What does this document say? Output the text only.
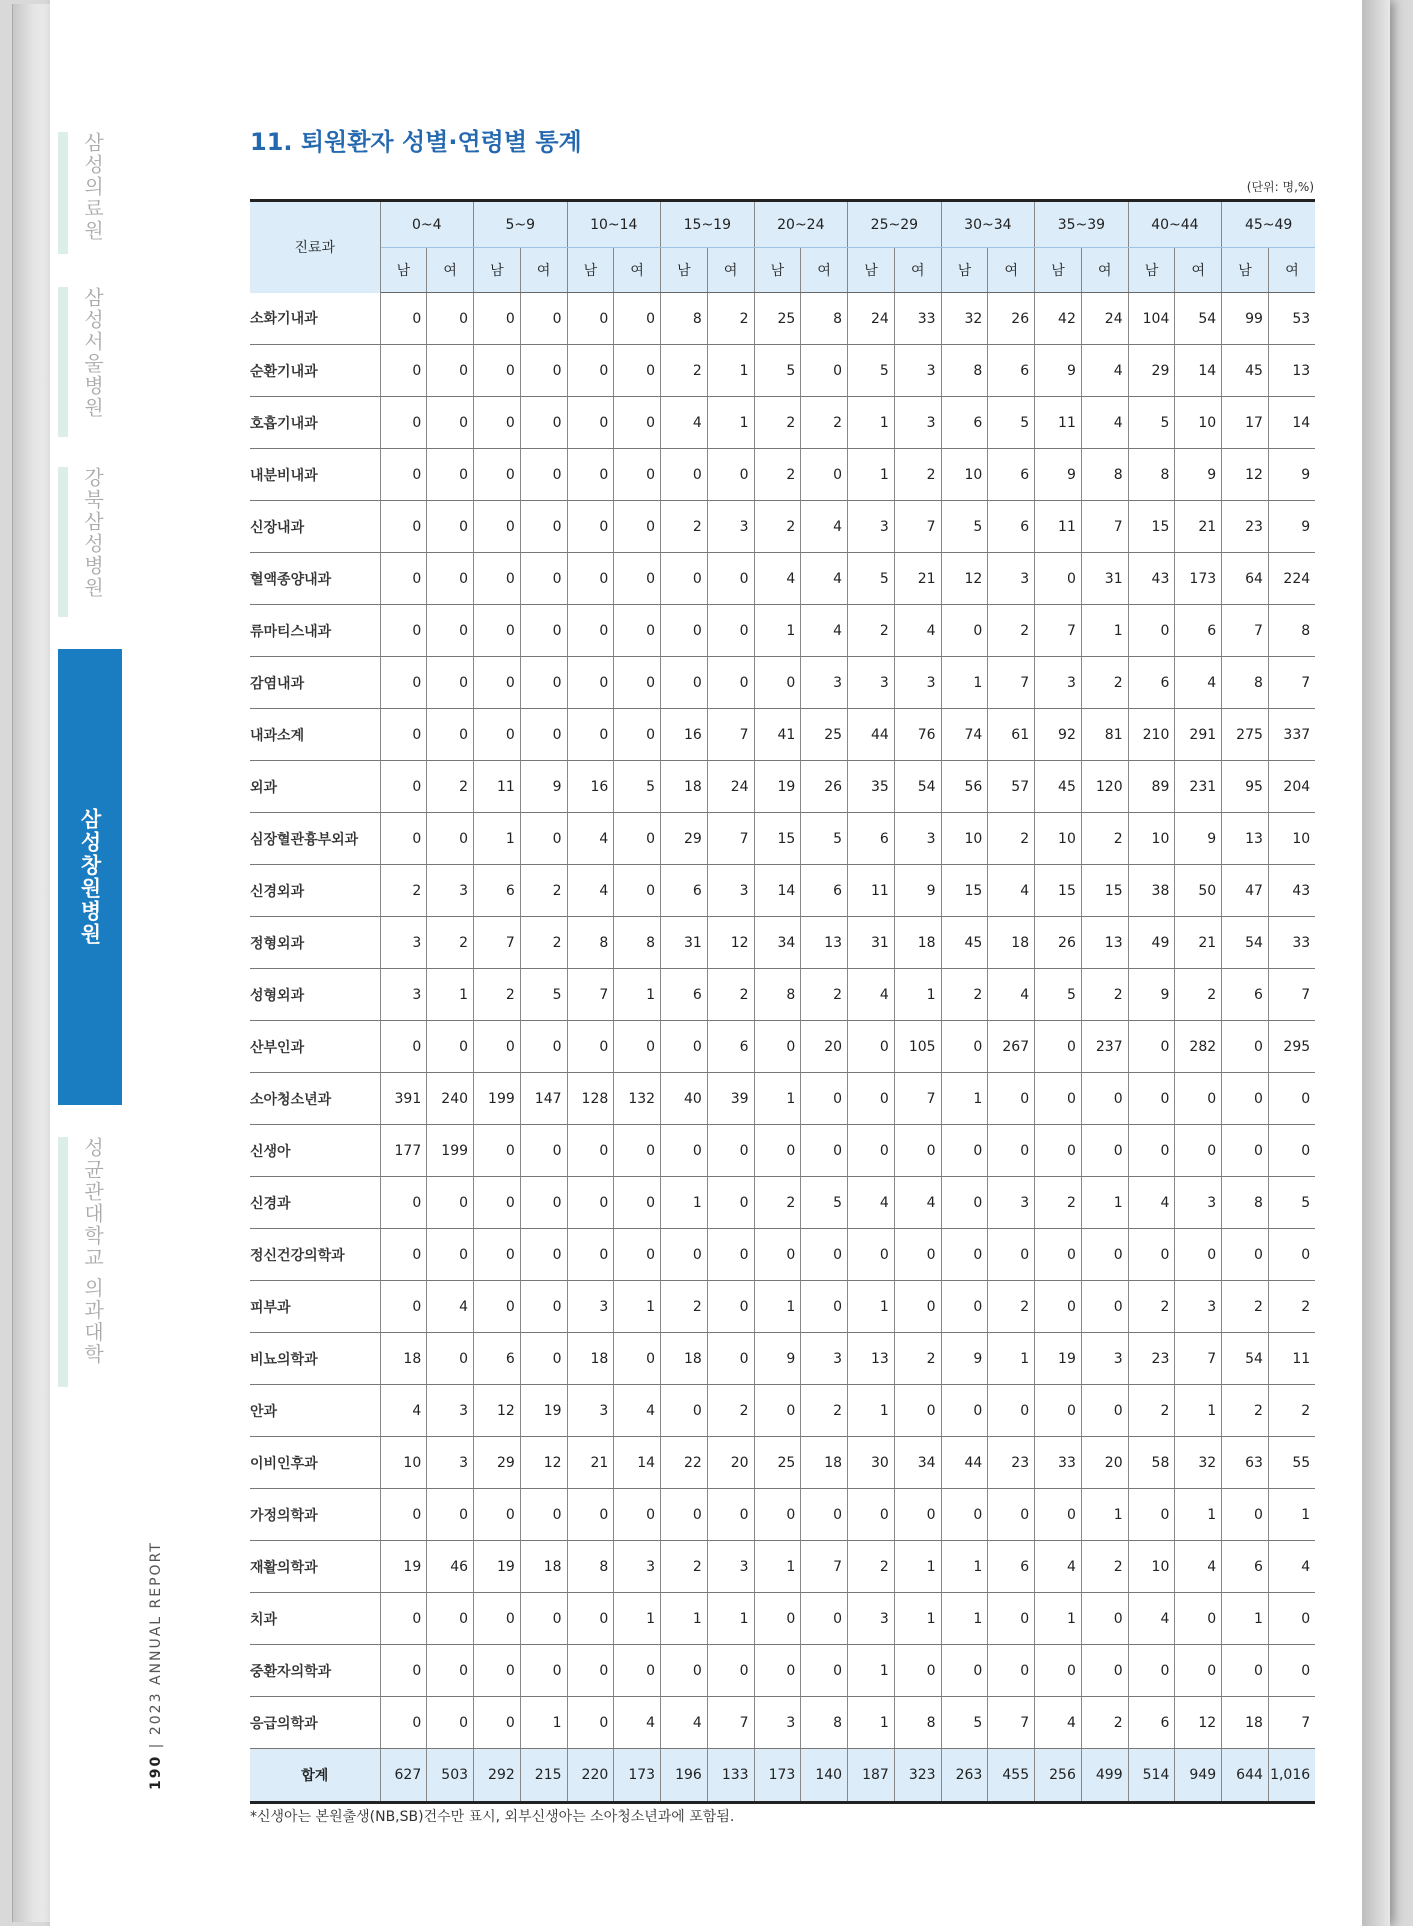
삼성의료원
삼성서울병원
강북삼성병원
삼성창원병원
성균관대학교 의과대학
190 | 2023 ANNUAL REPORT
11. 퇴원환자 성별·연령별 통계
(단위: 명,%)
진료과	0~4		5~9		10~14		15~19		20~24		25~29		30~34		35~39		40~44		45~49	
	남	여	남	여	남	여	남	여	남	여	남	여	남	여	남	여	남	여	남	여
소화기내과	0	0	0	0	0	0	8	2	25	8	24	33	32	26	42	24	104	54	99	53
순환기내과	0	0	0	0	0	0	2	1	5	0	5	3	8	6	9	4	29	14	45	13
호흡기내과	0	0	0	0	0	0	4	1	2	2	1	3	6	5	11	4	5	10	17	14
내분비내과	0	0	0	0	0	0	0	0	2	0	1	2	10	6	9	8	8	9	12	9
신장내과	0	0	0	0	0	0	2	3	2	4	3	7	5	6	11	7	15	21	23	9
혈액종양내과	0	0	0	0	0	0	0	0	4	4	5	21	12	3	0	31	43	173	64	224
류마티스내과	0	0	0	0	0	0	0	0	1	4	2	4	0	2	7	1	0	6	7	8
감염내과	0	0	0	0	0	0	0	0	0	3	3	3	1	7	3	2	6	4	8	7
내과소계	0	0	0	0	0	0	16	7	41	25	44	76	74	61	92	81	210	291	275	337
외과	0	2	11	9	16	5	18	24	19	26	35	54	56	57	45	120	89	231	95	204
심장혈관흉부외과	0	0	1	0	4	0	29	7	15	5	6	3	10	2	10	2	10	9	13	10
신경외과	2	3	6	2	4	0	6	3	14	6	11	9	15	4	15	15	38	50	47	43
정형외과	3	2	7	2	8	8	31	12	34	13	31	18	45	18	26	13	49	21	54	33
성형외과	3	1	2	5	7	1	6	2	8	2	4	1	2	4	5	2	9	2	6	7
산부인과	0	0	0	0	0	0	0	6	0	20	0	105	0	267	0	237	0	282	0	295
소아청소년과	391	240	199	147	128	132	40	39	1	0	0	7	1	0	0	0	0	0	0	0
신생아	177	199	0	0	0	0	0	0	0	0	0	0	0	0	0	0	0	0	0	0
신경과	0	0	0	0	0	0	1	0	2	5	4	4	0	3	2	1	4	3	8	5
정신건강의학과	0	0	0	0	0	0	0	0	0	0	0	0	0	0	0	0	0	0	0	0
피부과	0	4	0	0	3	1	2	0	1	0	1	0	0	2	0	0	2	3	2	2
비뇨의학과	18	0	6	0	18	0	18	0	9	3	13	2	9	1	19	3	23	7	54	11
안과	4	3	12	19	3	4	0	2	0	2	1	0	0	0	0	0	2	1	2	2
이비인후과	10	3	29	12	21	14	22	20	25	18	30	34	44	23	33	20	58	32	63	55
가정의학과	0	0	0	0	0	0	0	0	0	0	0	0	0	0	0	1	0	1	0	1
재활의학과	19	46	19	18	8	3	2	3	1	7	2	1	1	6	4	2	10	4	6	4
치과	0	0	0	0	0	1	1	1	0	0	3	1	1	0	1	0	4	0	1	0
중환자의학과	0	0	0	0	0	0	0	0	0	0	1	0	0	0	0	0	0	0	0	0
응급의학과	0	0	0	1	0	4	4	7	3	8	1	8	5	7	4	2	6	12	18	7
합계	627	503	292	215	220	173	196	133	173	140	187	323	263	455	256	499	514	949	644	1,016
*신생아는 본원출생(NB,SB)건수만 표시, 외부신생아는 소아청소년과에 포함됨.
